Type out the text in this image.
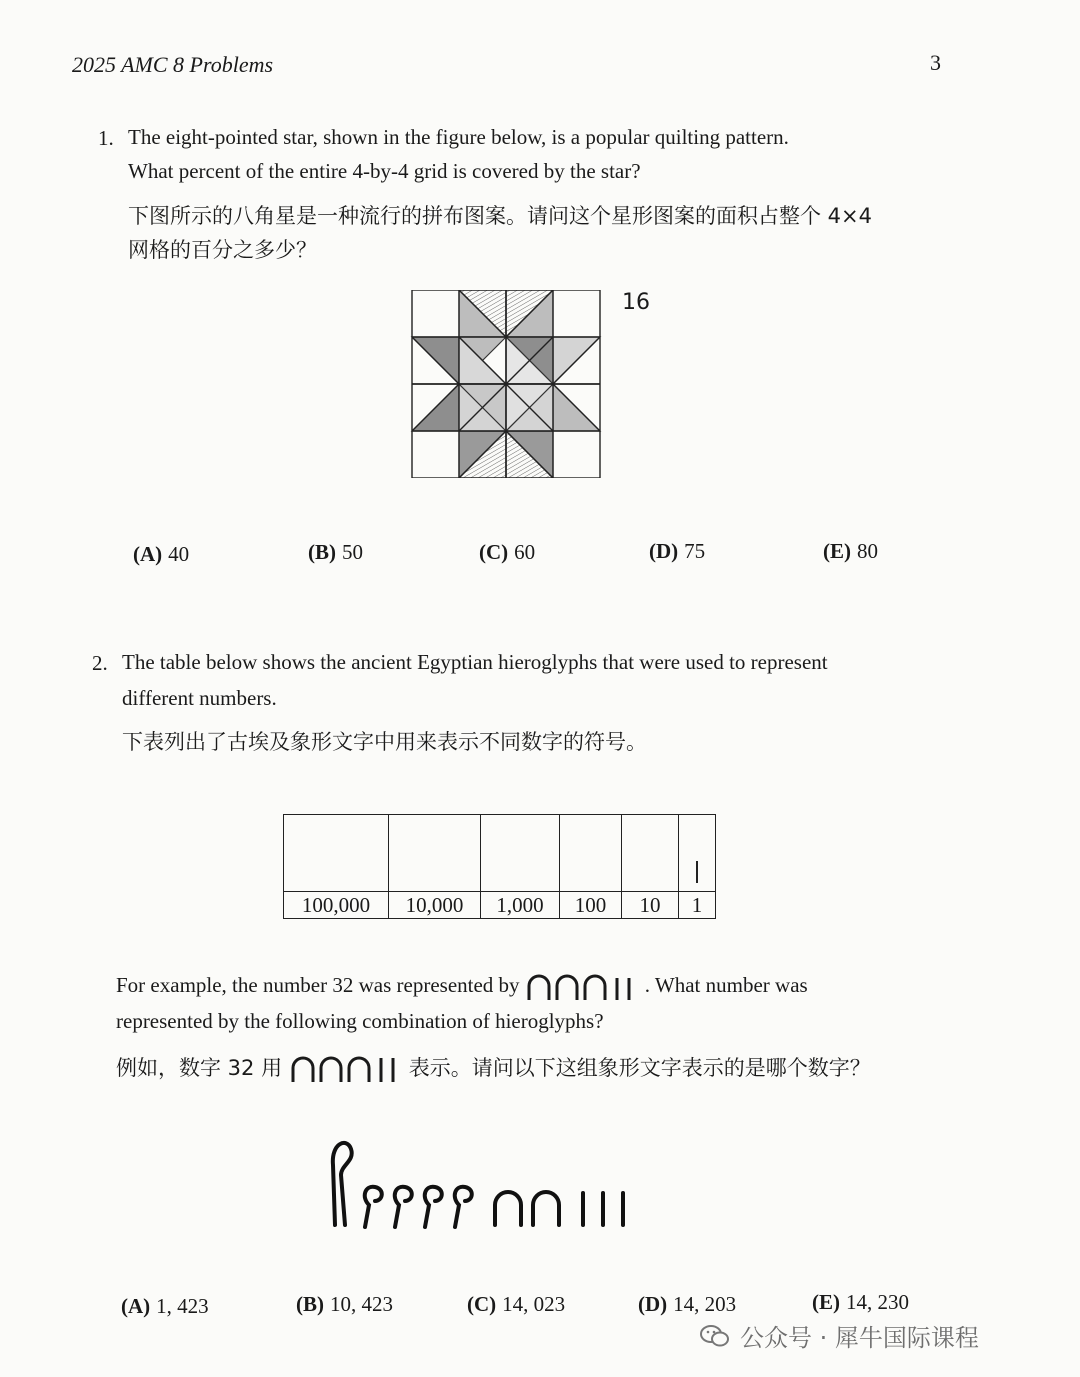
2025 AMC 8 Problems	3
1. The eight-pointed star, shown in the figure below, is a popular quilting pattern.
What percent of the entire 4-by-4 grid is covered by the star?
下图所示的八角星是一种流行的拼布图案。请问这个星形图案的面积占整个 4×4
网格的百分之多少？
16
(A) 40	(B) 50	(C) 60	(D) 75	(E) 80
2. The table below shows the ancient Egyptian hieroglyphs that were used to represent
different numbers.
下表列出了古埃及象形文字中用来表示不同数字的符号。

100,000	10,000	1,000	100	10	1
For example, the number 32 was represented by	. What number was
represented by the following combination of hieroglyphs?
例如，数字 32 用	表示。请问以下这组象形文字表示的是哪个数字？
(A) 1, 423	(B) 10, 423	(C) 14, 023	(D) 14, 203	(E) 14, 230
公众号 · 犀牛国际课程
